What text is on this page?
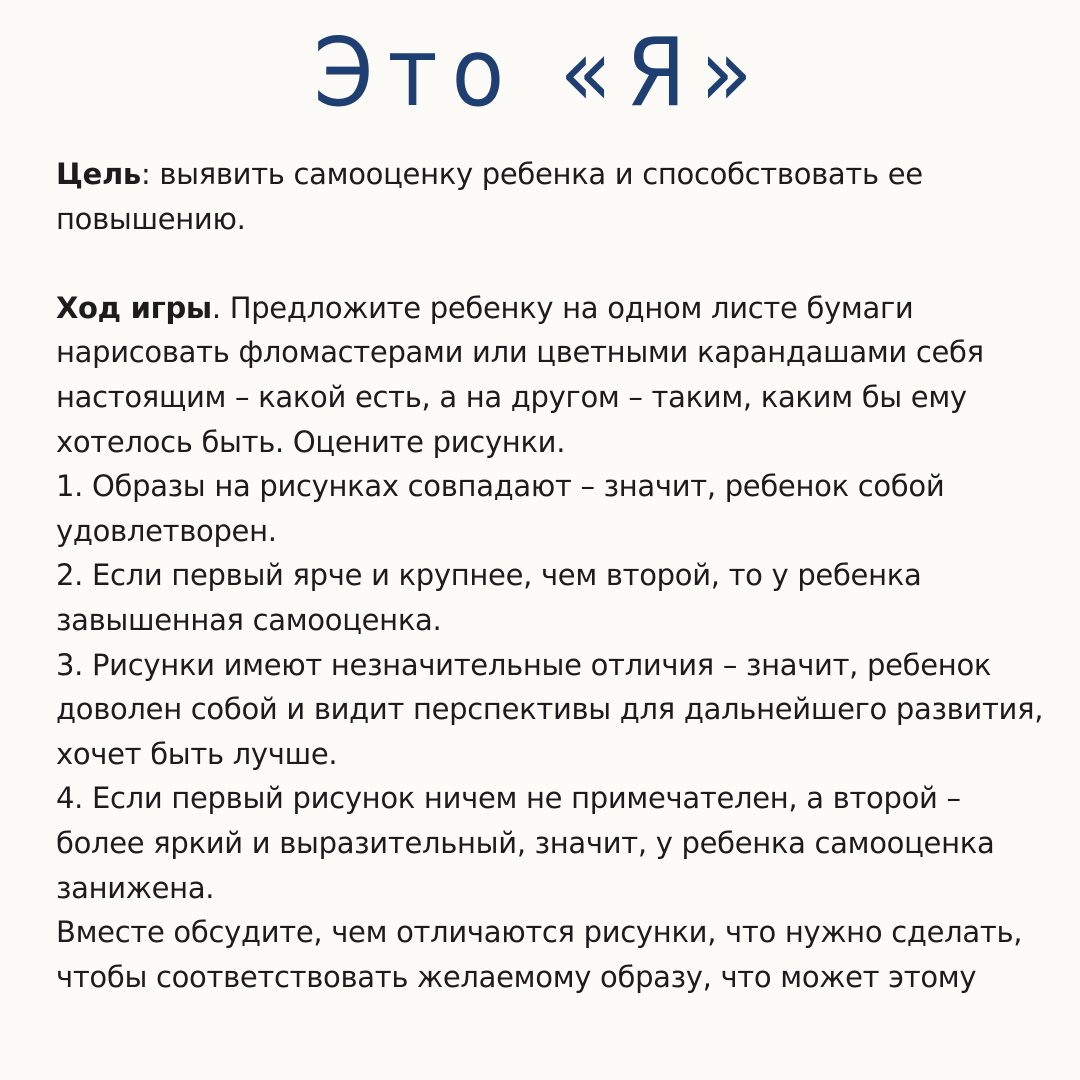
Это «Я»

Цель: выявить самооценку ребенка и способствовать ее повышению.

Ход игры. Предложите ребенку на одном листе бумаги нарисовать фломастерами или цветными карандашами себя настоящим – какой есть, а на другом – таким, каким бы ему хотелось быть. Оцените рисунки.

1. Образы на рисунках совпадают – значит, ребенок собой удовлетворен.

2. Если первый ярче и крупнее, чем второй, то у ребенка завышенная самооценка.

3. Рисунки имеют незначительные отличия – значит, ребенок доволен собой и видит перспективы для дальнейшего развития, хочет быть лучше.

4. Если первый рисунок ничем не примечателен, а второй – более яркий и выразительный, значит, у ребенка самооценка занижена.

Вместе обсудите, чем отличаются рисунки, что нужно сделать, чтобы соответствовать желаемому образу, что может этому
